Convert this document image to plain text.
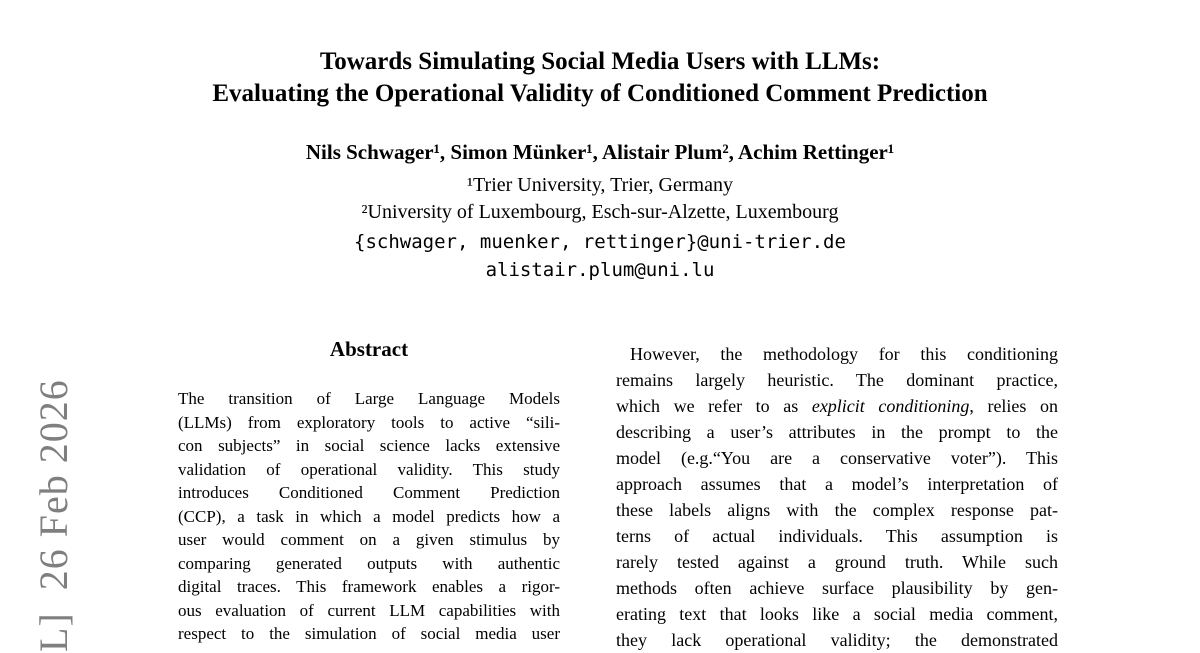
L]  26 Feb 2026
Towards Simulating Social Media Users with LLMs:
Evaluating the Operational Validity of Conditioned Comment Prediction
Nils Schwager¹, Simon Münker¹, Alistair Plum², Achim Rettinger¹
¹Trier University, Trier, Germany
²University of Luxembourg, Esch-sur-Alzette, Luxembourg
{schwager, muenker, rettinger}@uni-trier.de
alistair.plum@uni.lu
Abstract
The transition of Large Language Models
(LLMs) from exploratory tools to active “sili-
con subjects” in social science lacks extensive
validation of operational validity. This study
introduces Conditioned Comment Prediction
(CCP), a task in which a model predicts how a
user would comment on a given stimulus by
comparing generated outputs with authentic
digital traces. This framework enables a rigor-
ous evaluation of current LLM capabilities with
respect to the simulation of social media user
However, the methodology for this conditioning
remains largely heuristic. The dominant practice,
which we refer to as explicit conditioning, relies on
describing a user’s attributes in the prompt to the
model (e.g.“You are a conservative voter”). This
approach assumes that a model’s interpretation of
these labels aligns with the complex response pat-
terns of actual individuals. This assumption is
rarely tested against a ground truth. While such
methods often achieve surface plausibility by gen-
erating text that looks like a social media comment,
they lack operational validity; the demonstrated
